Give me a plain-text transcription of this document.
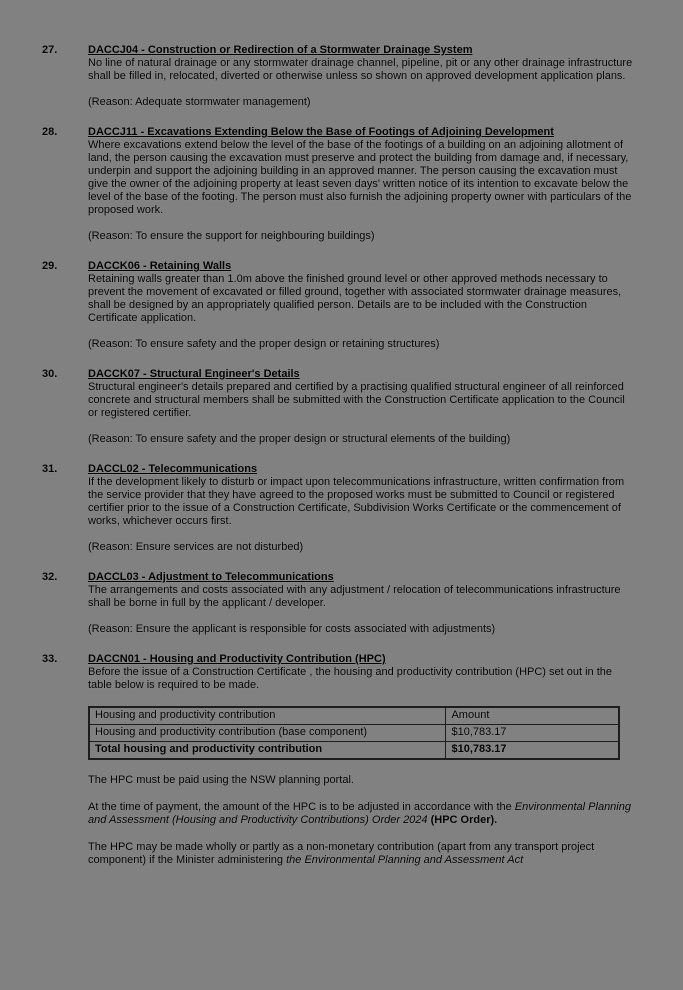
27.	DACCJ04 - Construction or Redirection of a Stormwater Drainage System

No line of natural drainage or any stormwater drainage channel, pipeline, pit or any other drainage infrastructure shall be filled in, relocated, diverted or otherwise unless so shown on approved development application plans.

(Reason: Adequate stormwater management)

28.	DACCJ11 - Excavations Extending Below the Base of Footings of Adjoining Development

Where excavations extend below the level of the base of the footings of a building on an adjoining allotment of land, the person causing the excavation must preserve and protect the building from damage and, if necessary, underpin and support the adjoining building in an approved manner. The person causing the excavation must give the owner of the adjoining property at least seven days' written notice of its intention to excavate below the level of the base of the footing. The person must also furnish the adjoining property owner with particulars of the proposed work.

(Reason: To ensure the support for neighbouring buildings)

29.	DACCK06 - Retaining Walls

Retaining walls greater than 1.0m above the finished ground level or other approved methods necessary to prevent the movement of excavated or filled ground, together with associated stormwater drainage measures, shall be designed by an appropriately qualified person. Details are to be included with the Construction Certificate application.

(Reason: To ensure safety and the proper design or retaining structures)

30.	DACCK07 - Structural Engineer's Details

Structural engineer's details prepared and certified by a practising qualified structural engineer of all reinforced concrete and structural members shall be submitted with the Construction Certificate application to the Council or registered certifier.

(Reason: To ensure safety and the proper design or structural elements of the building)

31.	DACCL02 - Telecommunications

If the development likely to disturb or impact upon telecommunications infrastructure, written confirmation from the service provider that they have agreed to the proposed works must be submitted to Council or registered certifier prior to the issue of a Construction Certificate, Subdivision Works Certificate or the commencement of works, whichever occurs first.

(Reason: Ensure services are not disturbed)

32.	DACCL03 - Adjustment to Telecommunications

The arrangements and costs associated with any adjustment / relocation of telecommunications infrastructure shall be borne in full by the applicant / developer.

(Reason: Ensure the applicant is responsible for costs associated with adjustments)

33.	DACCN01 - Housing and Productivity Contribution (HPC)

Before the issue of a Construction Certificate , the housing and productivity contribution (HPC) set out in the table below is required to be made.

Housing and productivity contribution	Amount
Housing and productivity contribution (base component)	$10,783.17
Total housing and productivity contribution	$10,783.17

The HPC must be paid using the NSW planning portal.

At the time of payment, the amount of the HPC is to be adjusted in accordance with the Environmental Planning and Assessment (Housing and Productivity Contributions) Order 2024 (HPC Order).

The HPC may be made wholly or partly as a non-monetary contribution (apart from any transport project component) if the Minister administering the Environmental Planning and Assessment Act
